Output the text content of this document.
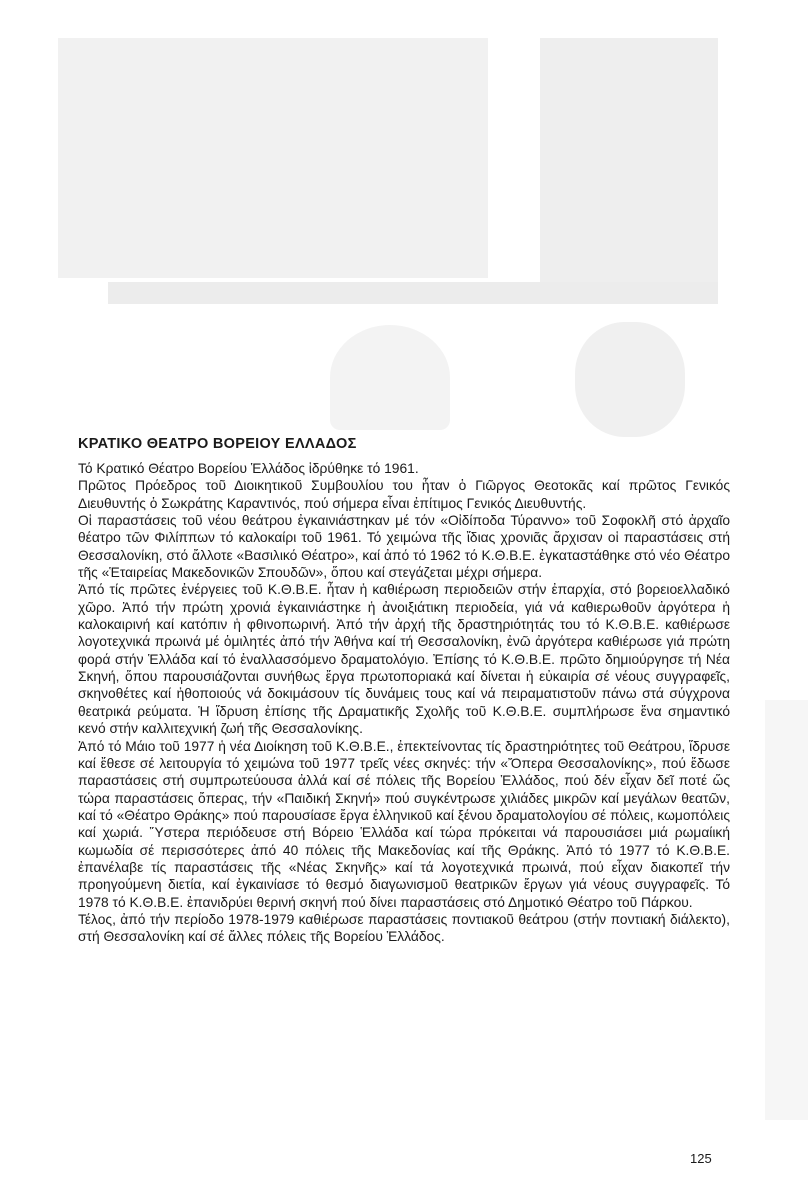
ΚΡΑΤΙΚΟ ΘΕΑΤΡΟ ΒΟΡΕΙΟΥ ΕΛΛΑΔΟΣ

Τό Κρατικό Θέατρο Βορείου Ἑλλάδος ἱδρύθηκε τό 1961.

Πρῶτος Πρόεδρος τοῦ Διοικητικοῦ Συμβουλίου του ἦταν ὁ Γιῶργος Θεοτοκᾶς καί πρῶτος Γενικός Διευθυντής ὁ Σωκράτης Καραντινός, πού σήμερα εἶναι ἐπίτιμος Γενικός Διευθυντής.

Οἱ παραστάσεις τοῦ νέου θεάτρου ἐγκαινιάστηκαν μέ τόν «Οἰδίποδα Τύραννο» τοῦ Σοφοκλῆ στό ἀρχαῖο θέατρο τῶν Φιλίππων τό καλοκαίρι τοῦ 1961. Τό χειμώνα τῆς ἴδιας χρονιᾶς ἄρχισαν οἱ παραστάσεις στή Θεσσαλονίκη, στό ἄλλοτε «Βασιλικό Θέατρο», καί ἀπό τό 1962 τό Κ.Θ.Β.Ε. ἐγκαταστάθηκε στό νέο Θέατρο τῆς «Ἑταιρείας Μακεδονικῶν Σπουδῶν», ὅπου καί στεγάζεται μέχρι σήμερα.

Ἀπό τίς πρῶτες ἐνέργειες τοῦ Κ.Θ.Β.Ε. ἦταν ἡ καθιέρωση περιοδειῶν στήν ἐπαρχία, στό βορειοελλαδικό χῶρο. Ἀπό τήν πρώτη χρονιά ἐγκαινιάστηκε ἡ ἀνοιξιάτικη περιοδεία, γιά νά καθιερωθοῦν ἀργότερα ἡ καλοκαιρινή καί κατόπιν ἡ φθινοπωρινή. Ἀπό τήν ἀρχή τῆς δραστηριότητάς του τό Κ.Θ.Β.Ε. καθιέρωσε λογοτεχνικά πρωινά μέ ὁμιλητές ἀπό τήν Ἀθήνα καί τή Θεσσαλονίκη, ἐνῶ ἀργότερα καθιέρωσε γιά πρώτη φορά στήν Ἑλλάδα καί τό ἐναλλασσόμενο δραματολόγιο. Ἐπίσης τό Κ.Θ.Β.Ε. πρῶτο δημιούργησε τή Νέα Σκηνή, ὅπου παρουσιάζονται συνήθως ἔργα πρωτοποριακά καί δίνεται ἡ εὐκαιρία σέ νέους συγγραφεῖς, σκηνοθέτες καί ἠθοποιούς νά δοκιμάσουν τίς δυνάμεις τους καί νά πειραματιστοῦν πάνω στά σύγχρονα θεατρικά ρεύματα. Ἡ ἵδρυση ἐπίσης τῆς Δραματικῆς Σχολῆς τοῦ Κ.Θ.Β.Ε. συμπλήρωσε ἕνα σημαντικό κενό στήν καλλιτεχνική ζωή τῆς Θεσσαλονίκης.

Ἀπό τό Μάιο τοῦ 1977 ἡ νέα Διοίκηση τοῦ Κ.Θ.Β.Ε., ἐπεκτείνοντας τίς δραστηριότητες τοῦ Θεάτρου, ἵδρυσε καί ἔθεσε σέ λειτουργία τό χειμώνα τοῦ 1977 τρεῖς νέες σκηνές: τήν «Ὄπερα Θεσσαλονίκης», πού ἔδωσε παραστάσεις στή συμπρωτεύουσα ἀλλά καί σέ πόλεις τῆς Βορείου Ἑλλάδος, πού δέν εἶχαν δεῖ ποτέ ὥς τώρα παραστάσεις ὄπερας, τήν «Παιδική Σκηνή» πού συγκέντρωσε χιλιάδες μικρῶν καί μεγάλων θεατῶν, καί τό «Θέατρο Θράκης» πού παρουσίασε ἔργα ἑλληνικοῦ καί ξένου δραματολογίου σέ πόλεις, κωμοπόλεις καί χωριά. Ὕστερα περιόδευσε στή Βόρειο Ἑλλάδα καί τώρα πρόκειται νά παρουσιάσει μιά ρωμαίική κωμωδία σέ περισσότερες ἀπό 40 πόλεις τῆς Μακεδονίας καί τῆς Θράκης. Ἀπό τό 1977 τό Κ.Θ.Β.Ε. ἐπανέλαβε τίς παραστάσεις τῆς «Νέας Σκηνῆς» καί τά λογοτεχνικά πρωινά, πού εἶχαν διακοπεῖ τήν προηγούμενη διετία, καί ἐγκαινίασε τό θεσμό διαγωνισμοῦ θεατρικῶν ἔργων γιά νέους συγγραφεῖς. Τό 1978 τό Κ.Θ.Β.Ε. ἐπανιδρύει θερινή σκηνή πού δίνει παραστάσεις στό Δημοτικό Θέατρο τοῦ Πάρκου.

Τέλος, ἀπό τήν περίοδο 1978-1979 καθιέρωσε παραστάσεις ποντιακοῦ θεάτρου (στήν ποντιακή διάλεκτο), στή Θεσσαλονίκη καί σέ ἄλλες πόλεις τῆς Βορείου Ἑλλάδος.

125
